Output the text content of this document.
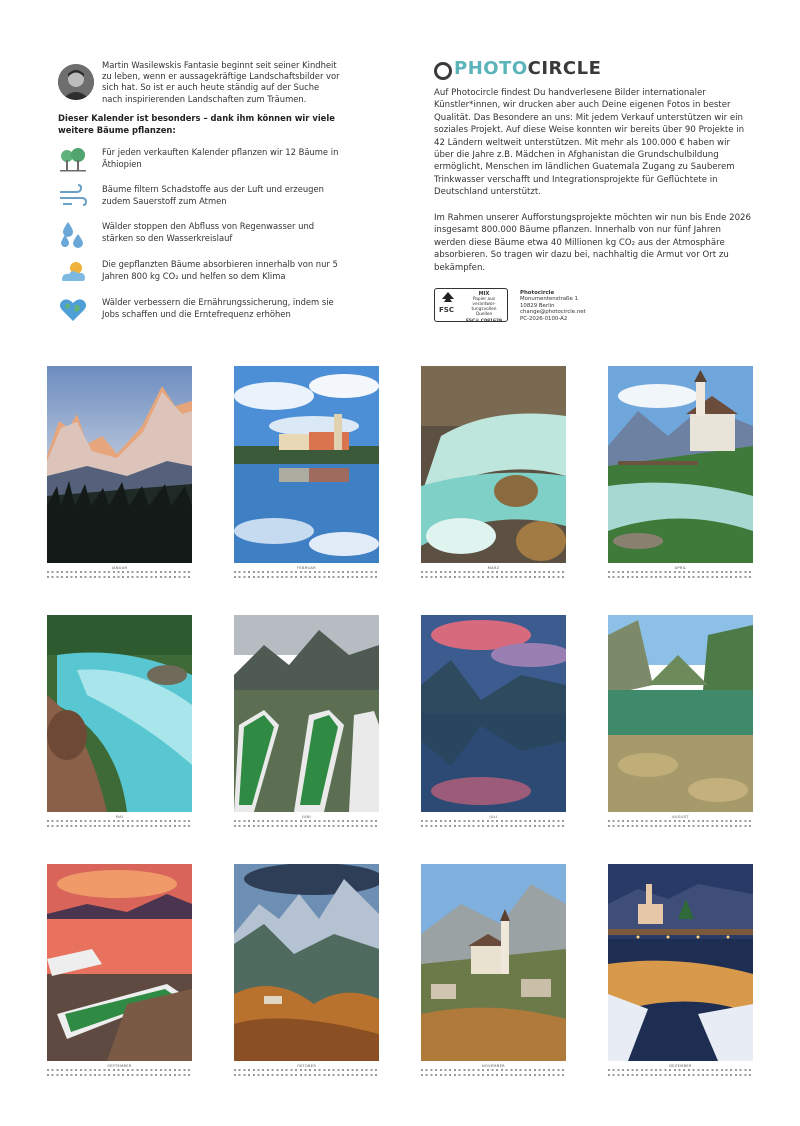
Martin Wasilewskis Fantasie beginnt seit seiner Kindheit zu leben, wenn er aussagekräftige Landschaftsbilder vor sich hat. So ist er auch heute ständig auf der Suche nach inspirierenden Landschaften zum Träumen.
Dieser Kalender ist besonders – dank ihm können wir viele weitere Bäume pflanzen:
Für jeden verkauften Kalender pflanzen wir 12 Bäume in Äthiopien
Bäume filtern Schadstoffe aus der Luft und erzeugen zudem Sauerstoff zum Atmen
Wälder stoppen den Abfluss von Regenwasser und stärken so den Wasserkreislauf
Die gepflanzten Bäume absorbieren innerhalb von nur 5 Jahren 800 kg CO₂ und helfen so dem Klima
Wälder verbessern die Ernährungssicherung, indem sie Jobs schaffen und die Erntefrequenz erhöhen
PHOTOCIRCLE
Auf Photocircle findest Du handverlesene Bilder internationaler Künstler*innen, wir drucken aber auch Deine eigenen Fotos in bester Qualität. Das Besondere an uns: Mit jedem Verkauf unterstützen wir ein soziales Projekt. Auf diese Weise konnten wir bereits über 90 Projekte in 42 Ländern weltweit unterstützen. Mit mehr als 100.000 € haben wir über die Jahre z.B. Mädchen in Afghanistan die Grundschulbildung ermöglicht, Menschen im ländlichen Guatemala Zugang zu Sauberem Trinkwasser verschafft und Integrationsprojekte für Geflüchtete in Deutschland unterstützt.
Im Rahmen unserer Aufforstungsprojekte möchten wir nun bis Ende 2026 insgesamt 800.000 Bäume pflanzen. Innerhalb von nur fünf Jahren werden diese Bäume etwa 40 Millionen kg CO₂ aus der Atmosphäre absorbieren. So tragen wir dazu bei, nachhaltig die Armut vor Ort zu bekämpfen.
FSC
MIX
Papier aus verantwor-tungsvollen Quellen
FSC® C081629
Photocircle
Monumentenstraße 1
10829 Berlin
change@photocircle.net
PC-2026-0100-A2
JANUAR	FEBRUAR	MÄRZ	APRIL
MAI	JUNI	JULI	AUGUST
SEPTEMBER	OKTOBER	NOVEMBER	DEZEMBER
